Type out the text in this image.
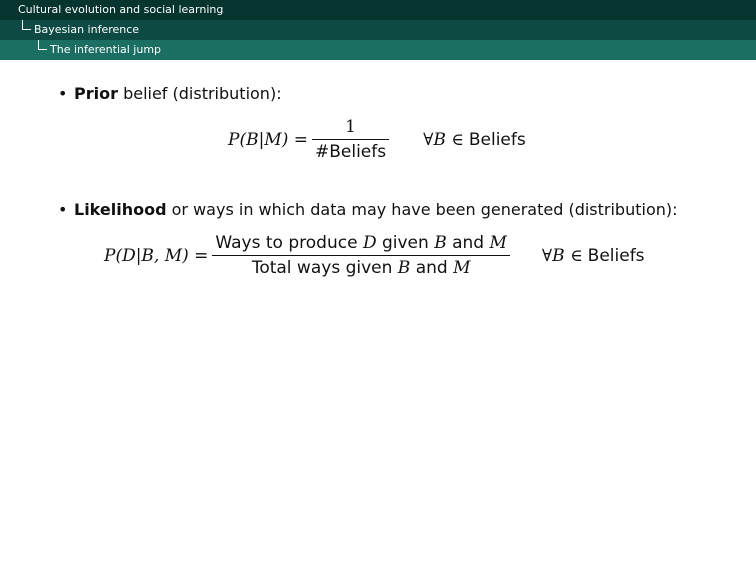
Cultural evolution and social learning
Bayesian inference
The inferential jump
• Prior belief (distribution):
$P(B|M) = \frac{1}{\text{\#Beliefs}}$ ∀B ∈ Beliefs
• Likelihood or ways in which data may have been generated (distribution):
P(D|B, $M) = \frac{\text{Ways to produce D given B and M}}{\text{Total ways given B and M}}$ ∀B ∈ Beliefs
